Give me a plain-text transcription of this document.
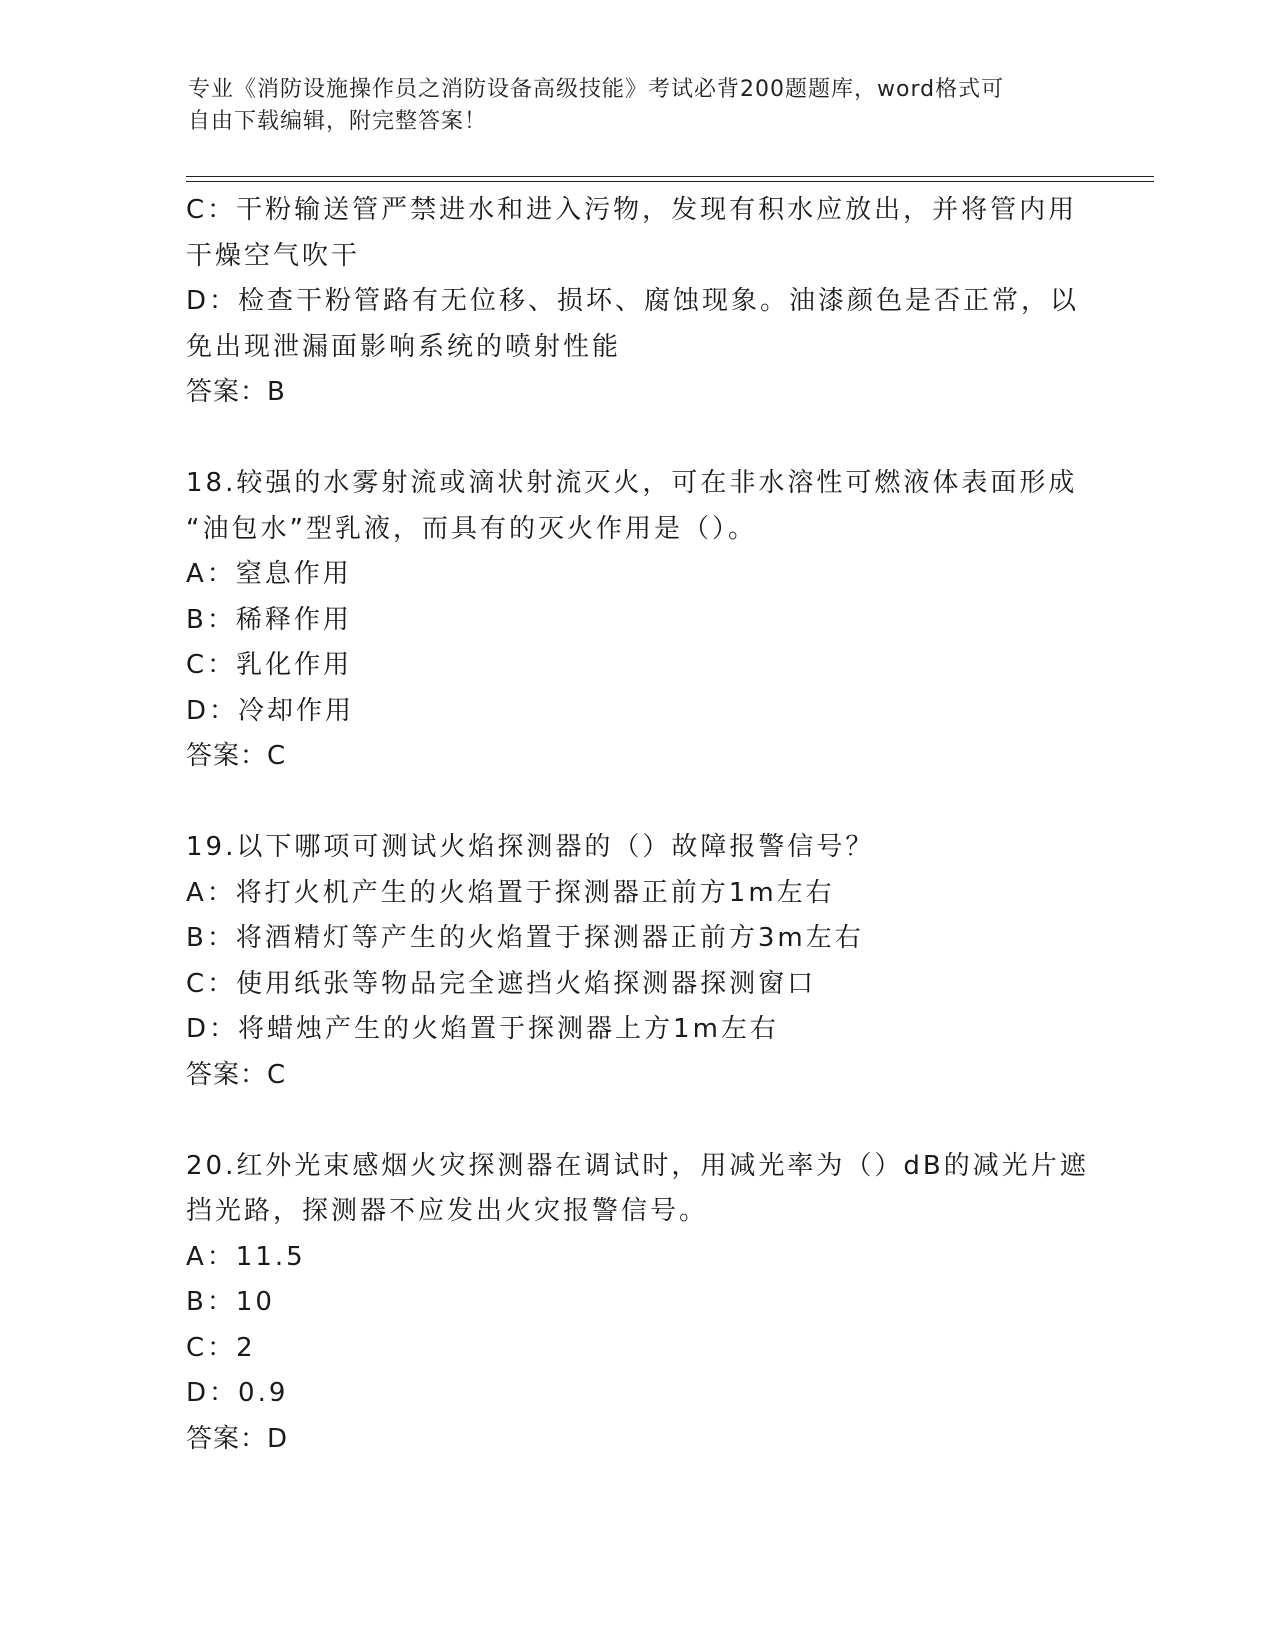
专业《消防设施操作员之消防设备高级技能》考试必背200题题库，word格式可
自由下载编辑，附完整答案！
C：干粉输送管严禁进水和进入污物，发现有积水应放出，并将管内用
干燥空气吹干
D：检查干粉管路有无位移、损坏、腐蚀现象。油漆颜色是否正常，以
免出现泄漏面影响系统的喷射性能
答案：B
18.较强的水雾射流或滴状射流灭火，可在非水溶性可燃液体表面形成
“油包水”型乳液，而具有的灭火作用是（）。
A：窒息作用
B：稀释作用
C：乳化作用
D：冷却作用
答案：C
19.以下哪项可测试火焰探测器的（）故障报警信号？
A：将打火机产生的火焰置于探测器正前方1m左右
B：将酒精灯等产生的火焰置于探测器正前方3m左右
C：使用纸张等物品完全遮挡火焰探测器探测窗口
D：将蜡烛产生的火焰置于探测器上方1m左右
答案：C
20.红外光束感烟火灾探测器在调试时，用减光率为（）dB的减光片遮
挡光路，探测器不应发出火灾报警信号。
A：11.5
B：10
C：2
D：0.9
答案：D
